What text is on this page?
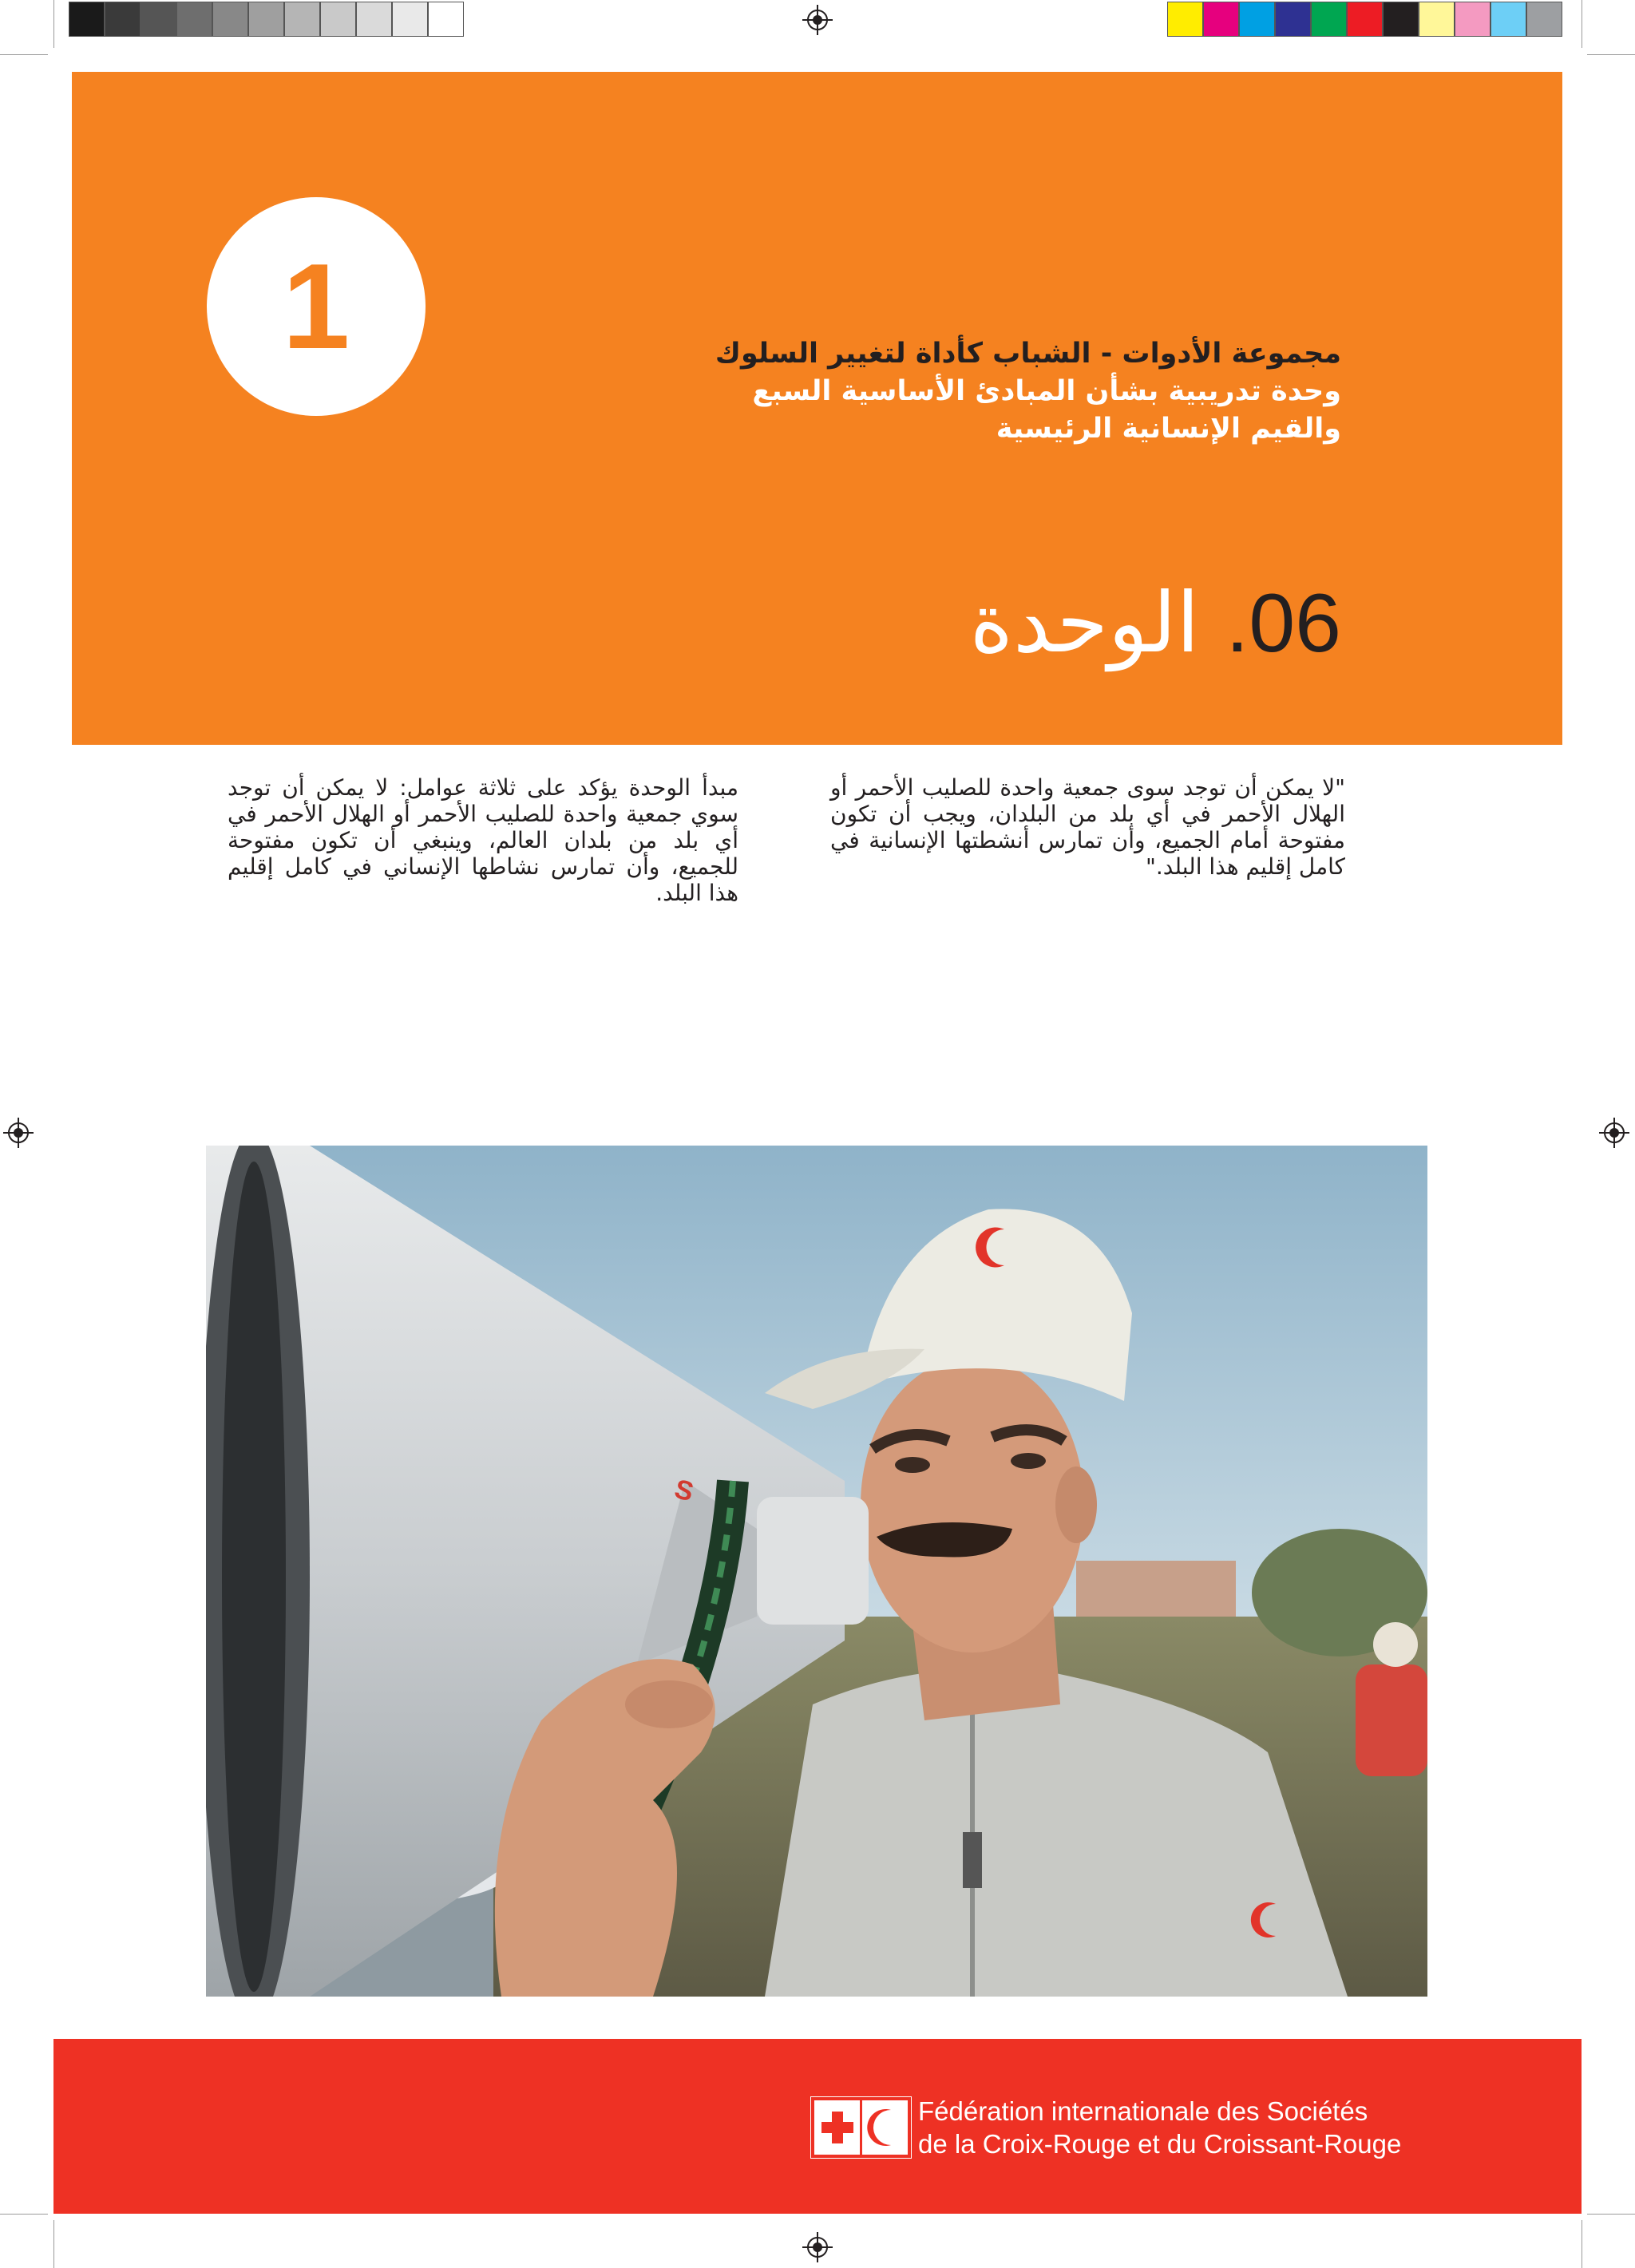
1	مجموعة الأدوات - الشباب كأداة لتغيير السلوك
وحدة تدريبية بشأن المبادئ الأساسية السبع
والقيم الإنسانية الرئيسية
06. الوحدة
"لا يمكن أن توجد سوى جمعية واحدة للصليب الأحمر أو الهلال الأحمر في أي بلد من البلدان، ويجب أن تكون مفتوحة أمام الجميع، وأن تمارس أنشطتها الإنسانية في كامل إقليم هذا البلد."
مبدأ الوحدة يؤكد على ثلاثة عوامل: لا يمكن أن توجد سوي جمعية واحدة للصليب الأحمر أو الهلال الأحمر في أي بلد من بلدان العالم، وينبغي أن تكون مفتوحة للجميع، وأن تمارس نشاطها الإنساني في كامل إقليم هذا البلد.
S
Fédération internationale des Sociétés
de la Croix-Rouge et du Croissant-Rouge
